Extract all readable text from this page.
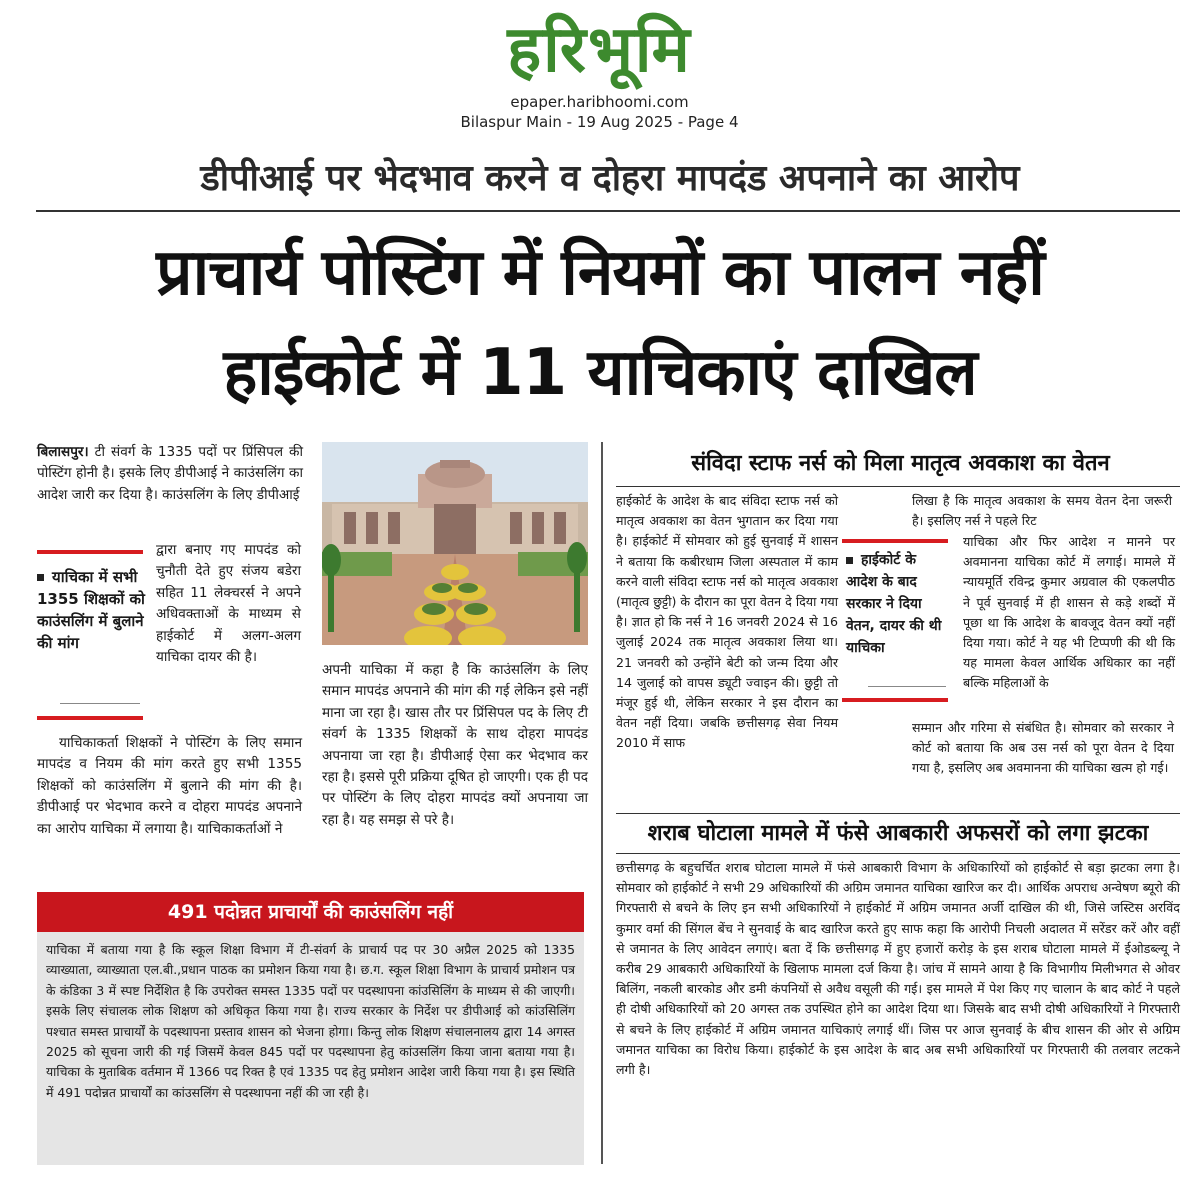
हरिभूमि
epaper.haribhoomi.com
Bilaspur Main - 19 Aug 2025 - Page 4
डीपीआई पर भेदभाव करने व दोहरा मापदंड अपनाने का आरोप
प्राचार्य पोस्टिंग में नियमों का पालन नहीं
हाईकोर्ट में 11 याचिकाएं दाखिल

बिलासपुर। टी संवर्ग के 1335 पदों पर प्रिंसिपल की पोस्टिंग होनी है। इसके लिए डीपीआई ने काउंसलिंग का आदेश जारी कर दिया है। काउंसलिंग के लिए डीपीआई

याचिका में सभी 1355 शिक्षकों को काउंसलिंग में बुलाने की मांग

द्वारा बनाए गए मापदंड को चुनौती देते हुए संजय बडेरा सहित 11 लेक्चरर्स ने अपने अधिवक्ताओं के माध्यम से हाईकोर्ट में अलग-अलग याचिका दायर की है।

याचिकाकर्ता शिक्षकों ने पोस्टिंग के लिए समान मापदंड व नियम की मांग करते हुए सभी 1355 शिक्षकों को काउंसलिंग में बुलाने की मांग की है। डीपीआई पर भेदभाव करने व दोहरा मापदंड अपनाने का आरोप याचिका में लगाया है। याचिकाकर्ताओं ने

अपनी याचिका में कहा है कि काउंसलिंग के लिए समान मापदंड अपनाने की मांग की गई लेकिन इसे नहीं माना जा रहा है। खास तौर पर प्रिंसिपल पद के लिए टी संवर्ग के 1335 शिक्षकों के साथ दोहरा मापदंड अपनाया जा रहा है। डीपीआई ऐसा कर भेदभाव कर रहा है। इससे पूरी प्रक्रिया दूषित हो जाएगी। एक ही पद पर पोस्टिंग के लिए दोहरा मापदंड क्यों अपनाया जा रहा है। यह समझ से परे है।

491 पदोन्नत प्राचार्यों की काउंसलिंग नहीं

याचिका में बताया गया है कि स्कूल शिक्षा विभाग में टी-संवर्ग के प्राचार्य पद पर 30 अप्रैल 2025 को 1335 व्याख्याता, व्याख्याता एल.बी.,प्रधान पाठक का प्रमोशन किया गया है। छ.ग. स्कूल शिक्षा विभाग के प्राचार्य प्रमोशन पत्र के कंडिका 3 में स्पष्ट निर्देशित है कि उपरोक्त समस्त 1335 पदों पर पदस्थापना कांउसिलिंग के माध्यम से की जाएगी। इसके लिए संचालक लोक शिक्षण को अधिकृत किया गया है। राज्य सरकार के निर्देश पर डीपीआई को कांउसिलिंग पश्चात समस्त प्राचार्यों के पदस्थापना प्रस्ताव शासन को भेजना होगा। किन्तु लोक शिक्षण संचालनालय द्वारा 14 अगस्त 2025 को सूचना जारी की गई जिसमें केवल 845 पदों पर पदस्थापना हेतु कांउसलिंग किया जाना बताया गया है। याचिका के मुताबिक वर्तमान में 1366 पद रिक्त है एवं 1335 पद हेतु प्रमोशन आदेश जारी किया गया है। इस स्थिति में 491 पदोन्नत प्राचार्यों का कांउसलिंग से पदस्थापना नहीं की जा रही है।

संविदा स्टाफ नर्स को मिला मातृत्व अवकाश का वेतन

हाईकोर्ट के आदेश के बाद संविदा स्टाफ नर्स को मातृत्व अवकाश का वेतन भुगतान कर दिया गया है। हाईकोर्ट में सोमवार को हुई सुनवाई में शासन ने बताया कि कबीरधाम जिला अस्पताल में काम करने वाली संविदा स्टाफ नर्स को मातृत्व अवकाश (मातृत्व छुट्टी) के दौरान का पूरा वेतन दे दिया गया है। ज्ञात हो कि नर्स ने 16 जनवरी 2024 से 16 जुलाई 2024 तक मातृत्व अवकाश लिया था। 21 जनवरी को उन्होंने बेटी को जन्म दिया और 14 जुलाई को वापस ड्यूटी ज्वाइन की। छुट्टी तो मंजूर हुई थी, लेकिन सरकार ने इस दौरान का वेतन नहीं दिया। जबकि छत्तीसगढ़ सेवा नियम 2010 में साफ

लिखा है कि मातृत्व अवकाश के समय वेतन देना जरूरी है। इसलिए नर्स ने पहले रिट

हाईकोर्ट के आदेश के बाद सरकार ने दिया वेतन, दायर की थी याचिका

याचिका और फिर आदेश न मानने पर अवमानना याचिका कोर्ट में लगाई। मामले में न्यायमूर्ति रविन्द्र कुमार अग्रवाल की एकलपीठ ने पूर्व सुनवाई में ही शासन से कड़े शब्दों में पूछा था कि आदेश के बावजूद वेतन क्यों नहीं दिया गया। कोर्ट ने यह भी टिप्पणी की थी कि यह मामला केवल आर्थिक अधिकार का नहीं बल्कि महिलाओं के

सम्मान और गरिमा से संबंधित है। सोमवार को सरकार ने कोर्ट को बताया कि अब उस नर्स को पूरा वेतन दे दिया गया है, इसलिए अब अवमानना की याचिका खत्म हो गई।

शराब घोटाला मामले में फंसे आबकारी अफसरों को लगा झटका

छत्तीसगढ़ के बहुचर्चित शराब घोटाला मामले में फंसे आबकारी विभाग के अधिकारियों को हाईकोर्ट से बड़ा झटका लगा है। सोमवार को हाईकोर्ट ने सभी 29 अधिकारियों की अग्रिम जमानत याचिका खारिज कर दी। आर्थिक अपराध अन्वेषण ब्यूरो की गिरफ्तारी से बचने के लिए इन सभी अधिकारियों ने हाईकोर्ट में अग्रिम जमानत अर्जी दाखिल की थी, जिसे जस्टिस अरविंद कुमार वर्मा की सिंगल बेंच ने सुनवाई के बाद खारिज करते हुए साफ कहा कि आरोपी निचली अदालत में सरेंडर करें और वहीं से जमानत के लिए आवेदन लगाएं। बता दें कि छत्तीसगढ़ में हुए हजारों करोड़ के इस शराब घोटाला मामले में ईओडब्ल्यू ने करीब 29 आबकारी अधिकारियों के खिलाफ मामला दर्ज किया है। जांच में सामने आया है कि विभागीय मिलीभगत से ओवर बिलिंग, नकली बारकोड और डमी कंपनियों से अवैध वसूली की गई। इस मामले में पेश किए गए चालान के बाद कोर्ट ने पहले ही दोषी अधिकारियों को 20 अगस्त तक उपस्थित होने का आदेश दिया था। जिसके बाद सभी दोषी अधिकारियों ने गिरफ्तारी से बचने के लिए हाईकोर्ट में अग्रिम जमानत याचिकाएं लगाई थीं। जिस पर आज सुनवाई के बीच शासन की ओर से अग्रिम जमानत याचिका का विरोध किया। हाईकोर्ट के इस आदेश के बाद अब सभी अधिकारियों पर गिरफ्तारी की तलवार लटकने लगी है।
